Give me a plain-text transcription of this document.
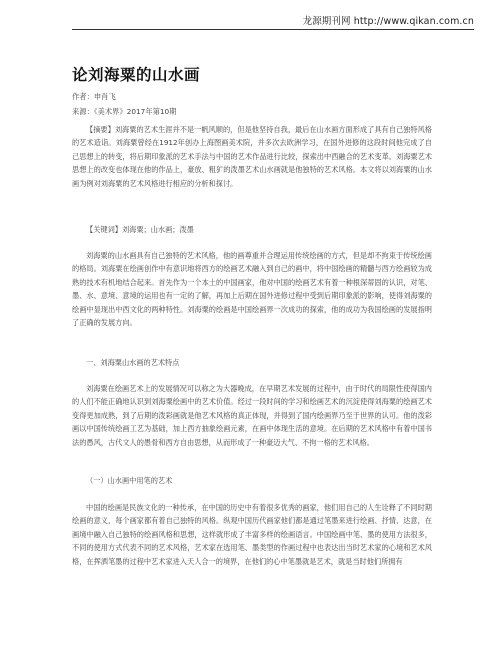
龙源期刊网 http://www.qikan.com.cn
论刘海粟的山水画
作者：申肖飞
来源：《美术界》2017年第10期

【摘要】刘海粟的艺术生涯并不是一帆风顺的，但是他坚持自我，最后在山水画方面形成了具有自己独特风格的艺术造诣。刘海粟曾经在1912年创办上海图画美术院，并多次去欧洲学习，在国外进修的这段时间他完成了自己思想上的转变，将后期印象派的艺术手法与中国的艺术作品进行比较，探索出中西融合的艺术变革。刘海粟艺术思想上的改变也体现在他的作品上，豪放、粗犷的泼墨艺术山水画就是他独特的艺术风格。本文将以刘海粟的山水画为例对刘海粟的艺术风格进行相应的分析和探讨。

【关键词】刘海粟；山水画；泼墨

刘海粟的山水画具有自己独特的艺术风格，他的画尊重并合理运用传统绘画的方式，但是却不拘束于传统绘画的格局。刘海粟在绘画创作中有意识地将西方的绘画艺术融入到自己的画中，将中国绘画的精髓与西方绘画较为成熟的技术有机地结合起来。首先作为一个本土的中国画家，他对中国的绘画艺术有着一种根深蒂固的认识，对笔、墨、水、意境、意境的运用也有一定的了解，再加上后期在国外进修过程中受到后期印象派的影响，使得刘海粟的绘画中显现出中西文化的两种特性。刘海粟的绘画是中国绘画界一次成功的探索，他的成功为我国绘画的发展指明了正确的发展方向。

一、刘海粟山水画的艺术特点

刘海粟在绘画艺术上的发展情况可以称之为大器晚成，在早期艺术发展的过程中，由于时代的局限性使得国内的人们不能正确地认识到刘海粟绘画中的艺术价值。经过一段时间的学习和绘画艺术的沉淀使得刘海粟的绘画艺术变得更加成熟，到了后期的泼彩画就是他艺术风格的真正体现，并得到了国内绘画界乃至于世界的认可。他的泼彩画以中国传统绘画工艺为基础，加上西方抽象绘画元素，在画中体现生活的意境。在后期的艺术风格中有着中国书法的愚风，古代文人的愚骨和西方自由思想，从而形成了一种豪迈大气、不拘一格的艺术风格。

（一）山水画中用笔的艺术

中国的绘画是民族文化的一种传承，在中国的历史中有着很多优秀的画家，他们用自己的人生诠释了不同时期绘画的意义，每个画家都有着自己独特的风格。纵观中国历代画家他们都是通过笔墨来进行绘画、抒情、达意，在画境中融入自己独特的绘画风格和思想，这样就形成了丰富多样的绘画语言。中国绘画中笔、墨的使用方法很多，不同的使用方式代表不同的艺术风格，艺术家在选用笔、墨类型的作画过程中也表达出当时艺术家的心境和艺术风格，在挥洒笔墨的过程中艺术家进入天人合一的境界，在他们的心中笔墨就是艺术，就是当时他们所拥有
